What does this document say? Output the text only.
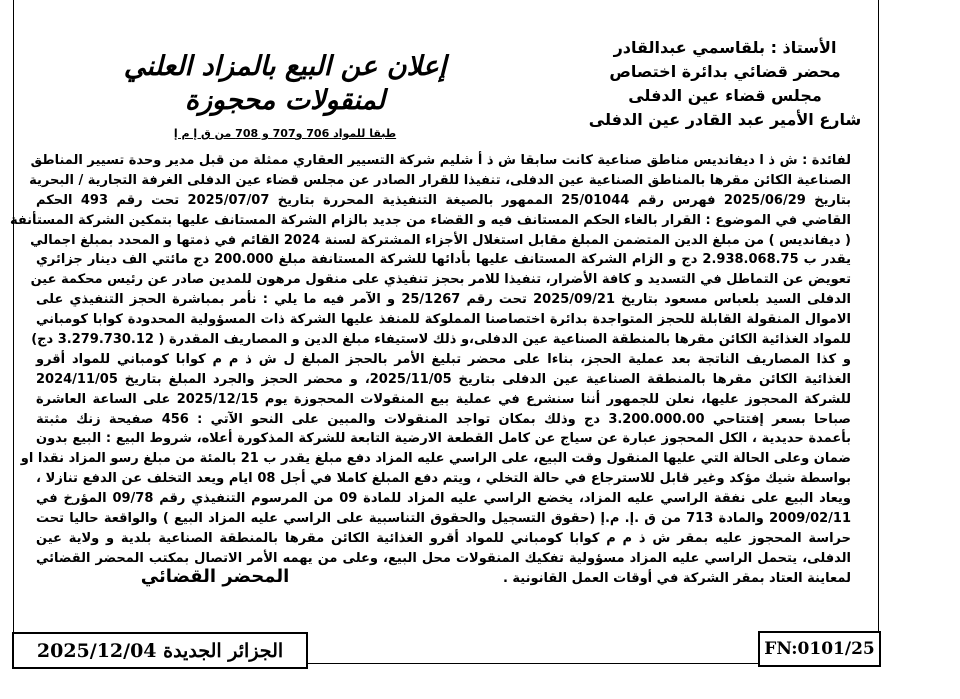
الأستاذ : بلقاسمي عبدالقادر
محضر قضائي بدائرة اختصاص
مجلس قضاء عين الدفلى
شارع الأمير عبد القادر عين الدفلى
إعلان عن البيع بالمزاد العلني
لمنقولات محجوزة
طبقا للمواد 706 و707 و 708 من ق إ م إ
لفائدة : ش ذ ا ديفانديس مناطق صناعية كانت سابقا ش ذ أ شليم شركة التسيير العقاري ممثلة من قبل مدير وحدة تسيير المناطق
الصناعية الكائن مقرها بالمناطق الصناعية عين الدفلى، تنفيذا للقرار الصادر عن مجلس قضاء عين الدفلى الغرفة التجارية / البحرية
بتاريخ 2025/06/29 فهرس رقم 25/01044 الممهور بالصيغة التنفيذية المحررة بتاريخ 2025/07/07 تحت رقم 493 الحكم
القاضي في الموضوع : القرار بالغاء الحكم المستانف فيه و القضاء من جديد بالزام الشركة المستانف عليها بتمكين الشركة المستأنفة
( ديفانديس ) من مبلغ الدين المتضمن المبلغ مقابل استغلال الأجزاء المشتركة لسنة 2024 القائم في ذمتها و المحدد بمبلغ اجمالي
يقدر ب 2.938.068.75 دج و الزام الشركة المستانف عليها بأدائها للشركة المستانفة مبلغ 200.000 دج مائتي الف دينار جزائري
تعويض عن التماطل في التسديد و كافة الأضرار، تنفيذا للامر بحجز تنفيذي على منقول مرهون للمدين صادر عن رئيس محكمة عين
الدفلى السيد بلعباس مسعود بتاريخ 2025/09/21 تحت رقم 25/1267 و الآمر فيه ما يلي : نأمر بمباشرة الحجز التنفيذي على
الاموال المنقولة القابلة للحجز المتواجدة بدائرة اختصاصنا المملوكة للمنفذ عليها الشركة ذات المسؤولية المحدودة كوابا كومباني
للمواد الغذائية الكائن مقرها بالمنطقة الصناعية عين الدفلى،و ذلك لاستيفاء مبلغ الدين و المصاريف المقدرة ( 3.279.730.12 دج)
و كذا المصاريف الناتجة بعد عملية الحجز، بناءا على محضر تبليغ الأمر بالحجز المبلغ ل ش ذ م م كوابا كومباني للمواد أقرو
الغذائية الكائن مقرها بالمنطقة الصناعية عين الدفلى بتاريخ 2025/11/05، و محضر الحجز والجرد المبلغ بتاريخ 2024/11/05
للشركة المحجوز عليها، نعلن للجمهور أننا سنشرع في عملية بيع المنقولات المحجوزة يوم 2025/12/15 على الساعة العاشرة
صباحا بسعر إفتتاحي 3.200.000.00 دج وذلك بمكان تواجد المنقولات والمبين على النحو الآتي : 456 صفيحة زنك مثبتة
بأعمدة حديدية ، الكل المحجوز عبارة عن سياج عن كامل القطعة الارضية التابعة للشركة المذكورة أعلاه، شروط البيع : البيع بدون
ضمان وعلى الحالة التي عليها المنقول وقت البيع، على الراسي عليه المزاد دفع مبلغ يقدر ب 21 بالمئة من مبلغ رسو المزاد نقدا او
بواسطة شيك مؤكد وغير قابل للاسترجاع في حالة التخلي ، ويتم دفع المبلغ كاملا في أجل 08 ايام ويعد التخلف عن الدفع تنازلا ،
ويعاد البيع على نفقة الراسي عليه المزاد، يخضع الراسي عليه المزاد للمادة 09 من المرسوم التنفيذي رقم 09/78 المؤرخ في
2009/02/11 والمادة 713 من ق .إ. م.إ (حقوق التسجيل والحقوق التناسبية على الراسي عليه المزاد البيع ) والواقعة حاليا تحت
حراسة المحجوز عليه بمقر ش ذ م م كوابا كومباني للمواد أقرو الغذائية الكائن مقرها بالمنطقة الصناعية بلدية و ولاية عين
الدفلى، يتحمل الراسي عليه المزاد مسؤولية تفكيك المنقولات محل البيع، وعلى من يهمه الأمر الاتصال بمكتب المحضر القضائي
لمعاينة العتاد بمقر الشركة في أوقات العمل القانونية .
المحضر القضائي
الجزائر الجديدة 2025/12/04	FN:0101/25
